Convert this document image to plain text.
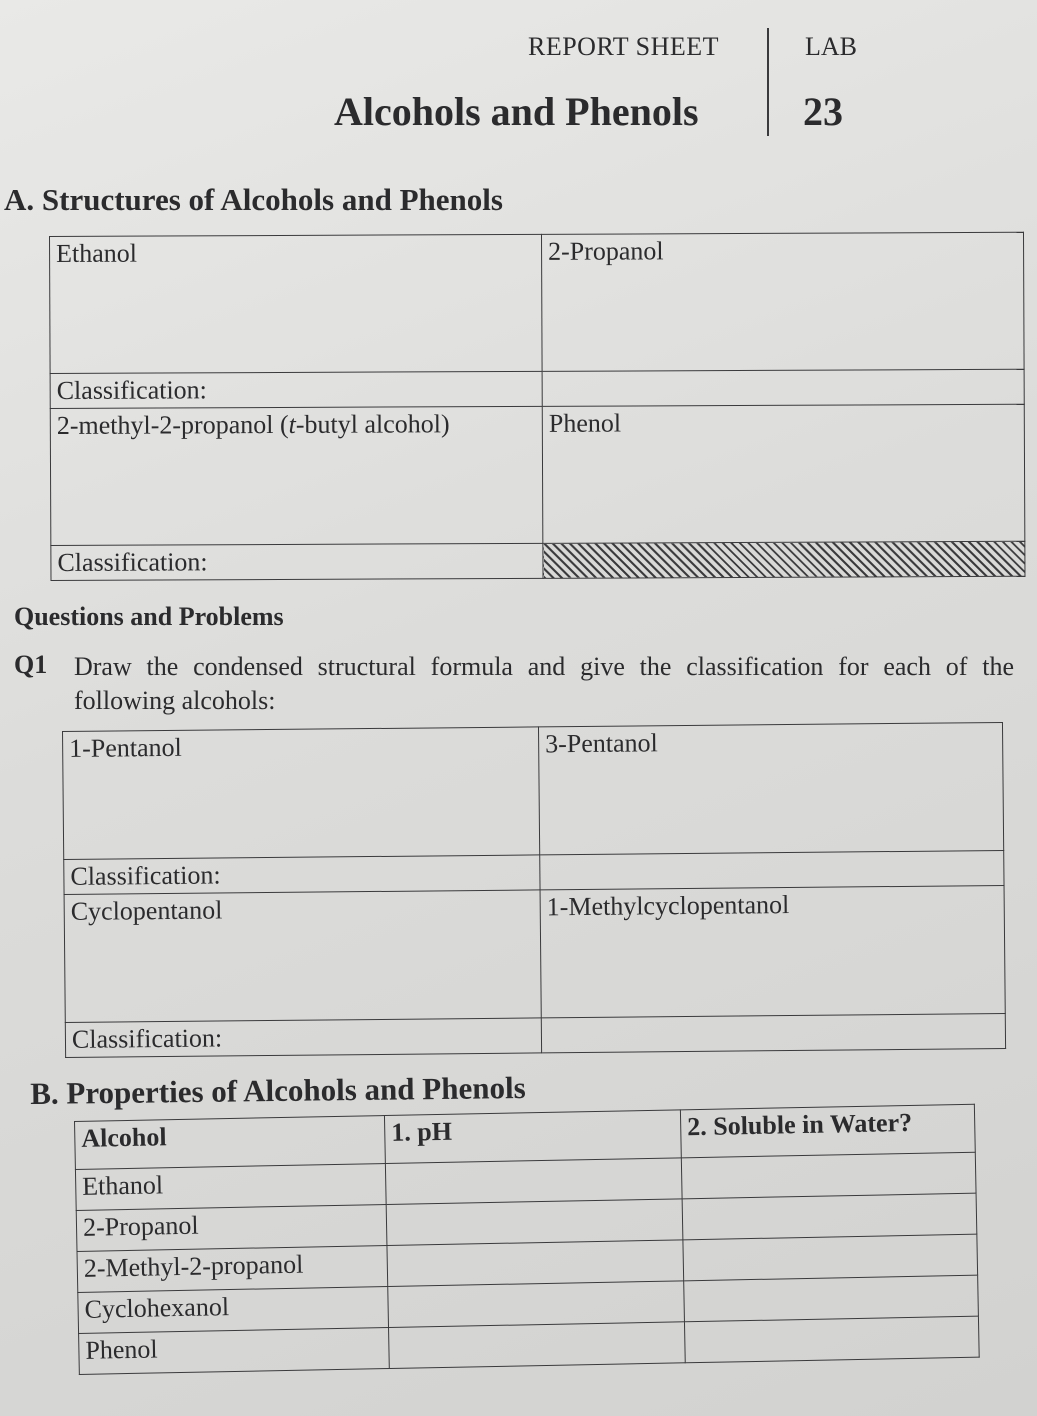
REPORT SHEET	LAB
Alcohols and Phenols	23
A. Structures of Alcohols and Phenols
Ethanol	2-Propanol
Classification:	
2-methyl-2-propanol (t-butyl alcohol)	Phenol
Classification:	
Questions and Problems
Q1 Draw the condensed structural formula and give the classification for each of the following alcohols:
1-Pentanol	3-Pentanol
Classification:	
Cyclopentanol	1-Methylcyclopentanol
Classification:	
B. Properties of Alcohols and Phenols
Alcohol	1. pH	2. Soluble in Water?
Ethanol		
2-Propanol		
2-Methyl-2-propanol		
Cyclohexanol		
Phenol		
